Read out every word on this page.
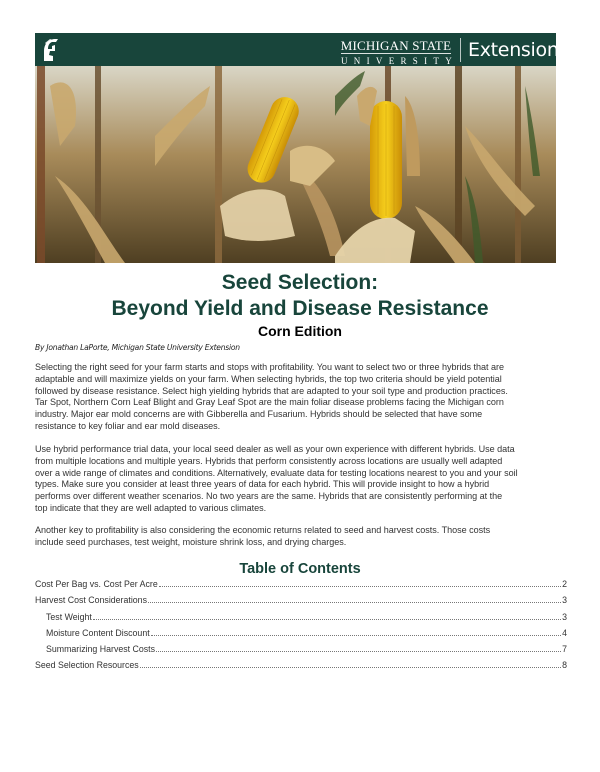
MICHIGAN STATE
UNIVERSITY Extension
Seed Selection:
Beyond Yield and Disease Resistance
Corn Edition
By Jonathan LaPorte, Michigan State University Extension
Selecting the right seed for your farm starts and stops with profitability. You want to select two or three hybrids that are
adaptable and will maximize yields on your farm. When selecting hybrids, the top two criteria should be yield potential
followed by disease resistance. Select high yielding hybrids that are adapted to your soil type and production practices.
Tar Spot, Northern Corn Leaf Blight and Gray Leaf Spot are the main foliar disease problems facing the Michigan corn
industry. Major ear mold concerns are with Gibberella and Fusarium. Hybrids should be selected that have some
resistance to key foliar and ear mold diseases.
Use hybrid performance trial data, your local seed dealer as well as your own experience with different hybrids. Use data
from multiple locations and multiple years. Hybrids that perform consistently across locations are usually well adapted
over a wide range of climates and conditions. Alternatively, evaluate data for testing locations nearest to you and your soil
types. Make sure you consider at least three years of data for each hybrid. This will provide insight to how a hybrid
performs over different weather scenarios. No two years are the same. Hybrids that are consistently performing at the
top indicate that they are well adapted to various climates.
Another key to profitability is also considering the economic returns related to seed and harvest costs. Those costs
include seed purchases, test weight, moisture shrink loss, and drying charges.
Table of Contents
Cost Per Bag vs. Cost Per Acre	2
Harvest Cost Considerations	3
Test Weight	3
Moisture Content Discount	4
Summarizing Harvest Costs	7
Seed Selection Resources	8
